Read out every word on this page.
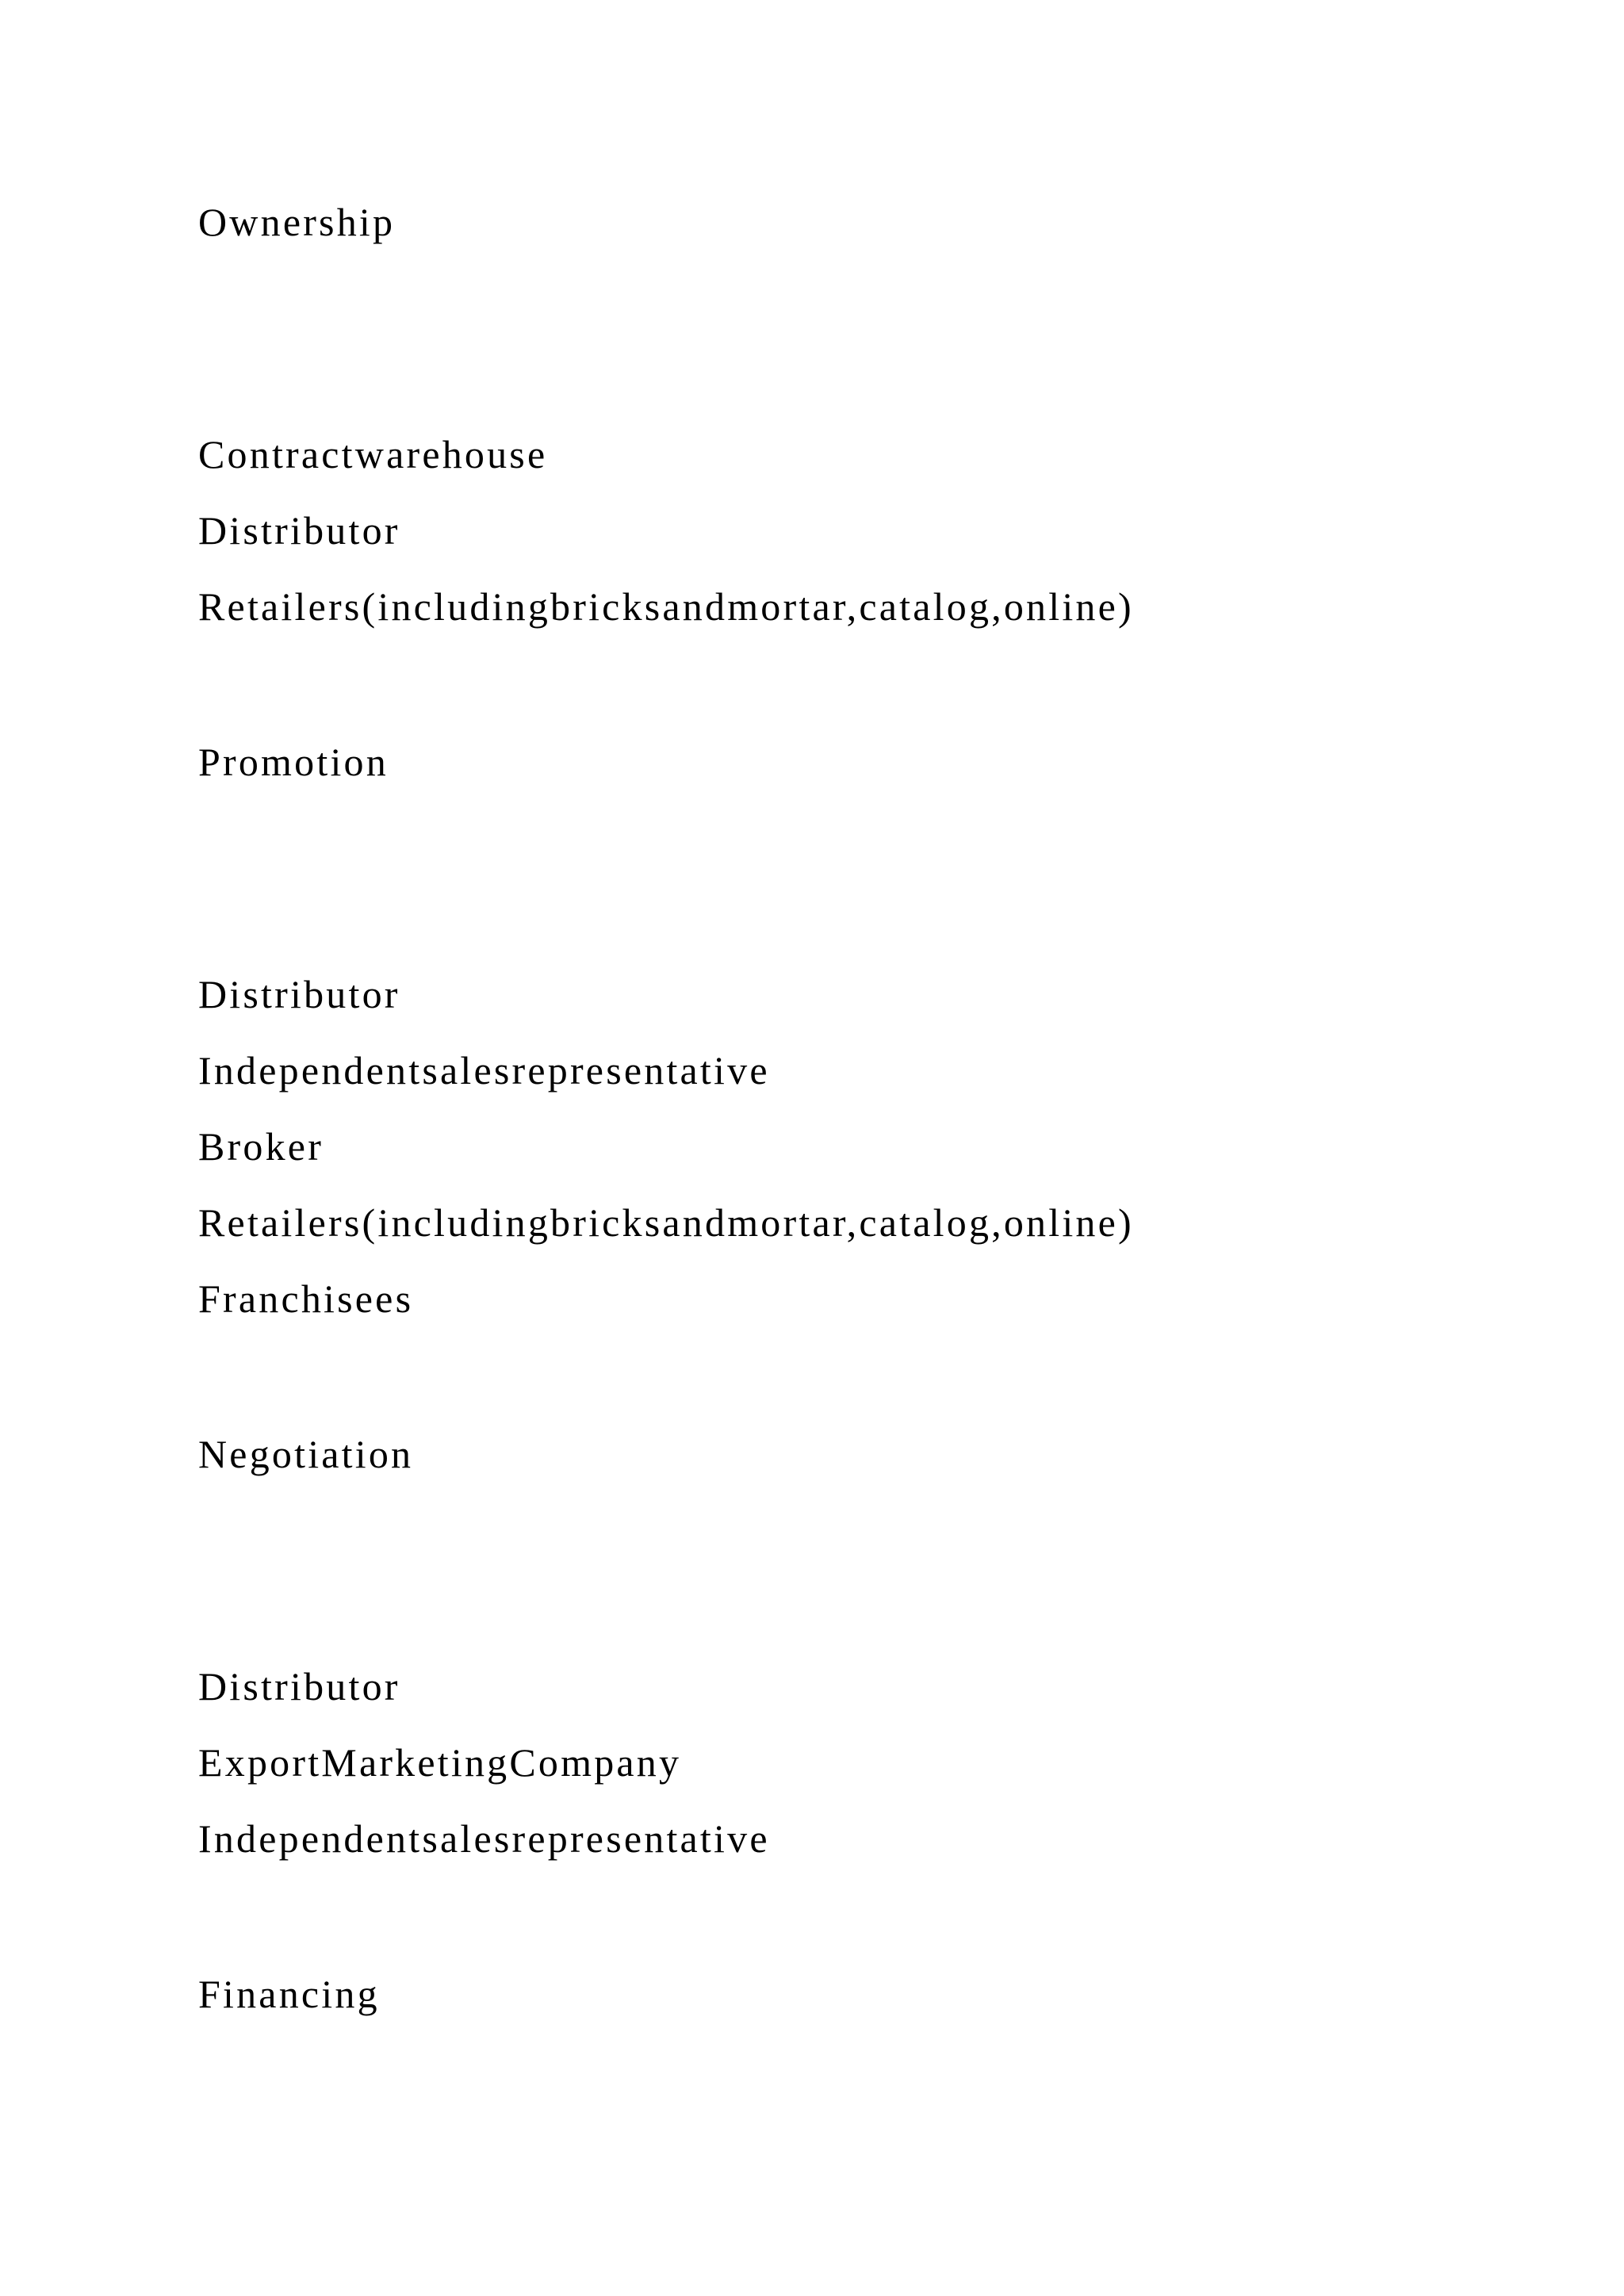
Ownership
Contractwarehouse
Distributor
Retailers(includingbricksandmortar,catalog,online)
Promotion
Distributor
Independentsalesrepresentative
Broker
Retailers(includingbricksandmortar,catalog,online)
Franchisees
Negotiation
Distributor
ExportMarketingCompany
Independentsalesrepresentative
Financing
